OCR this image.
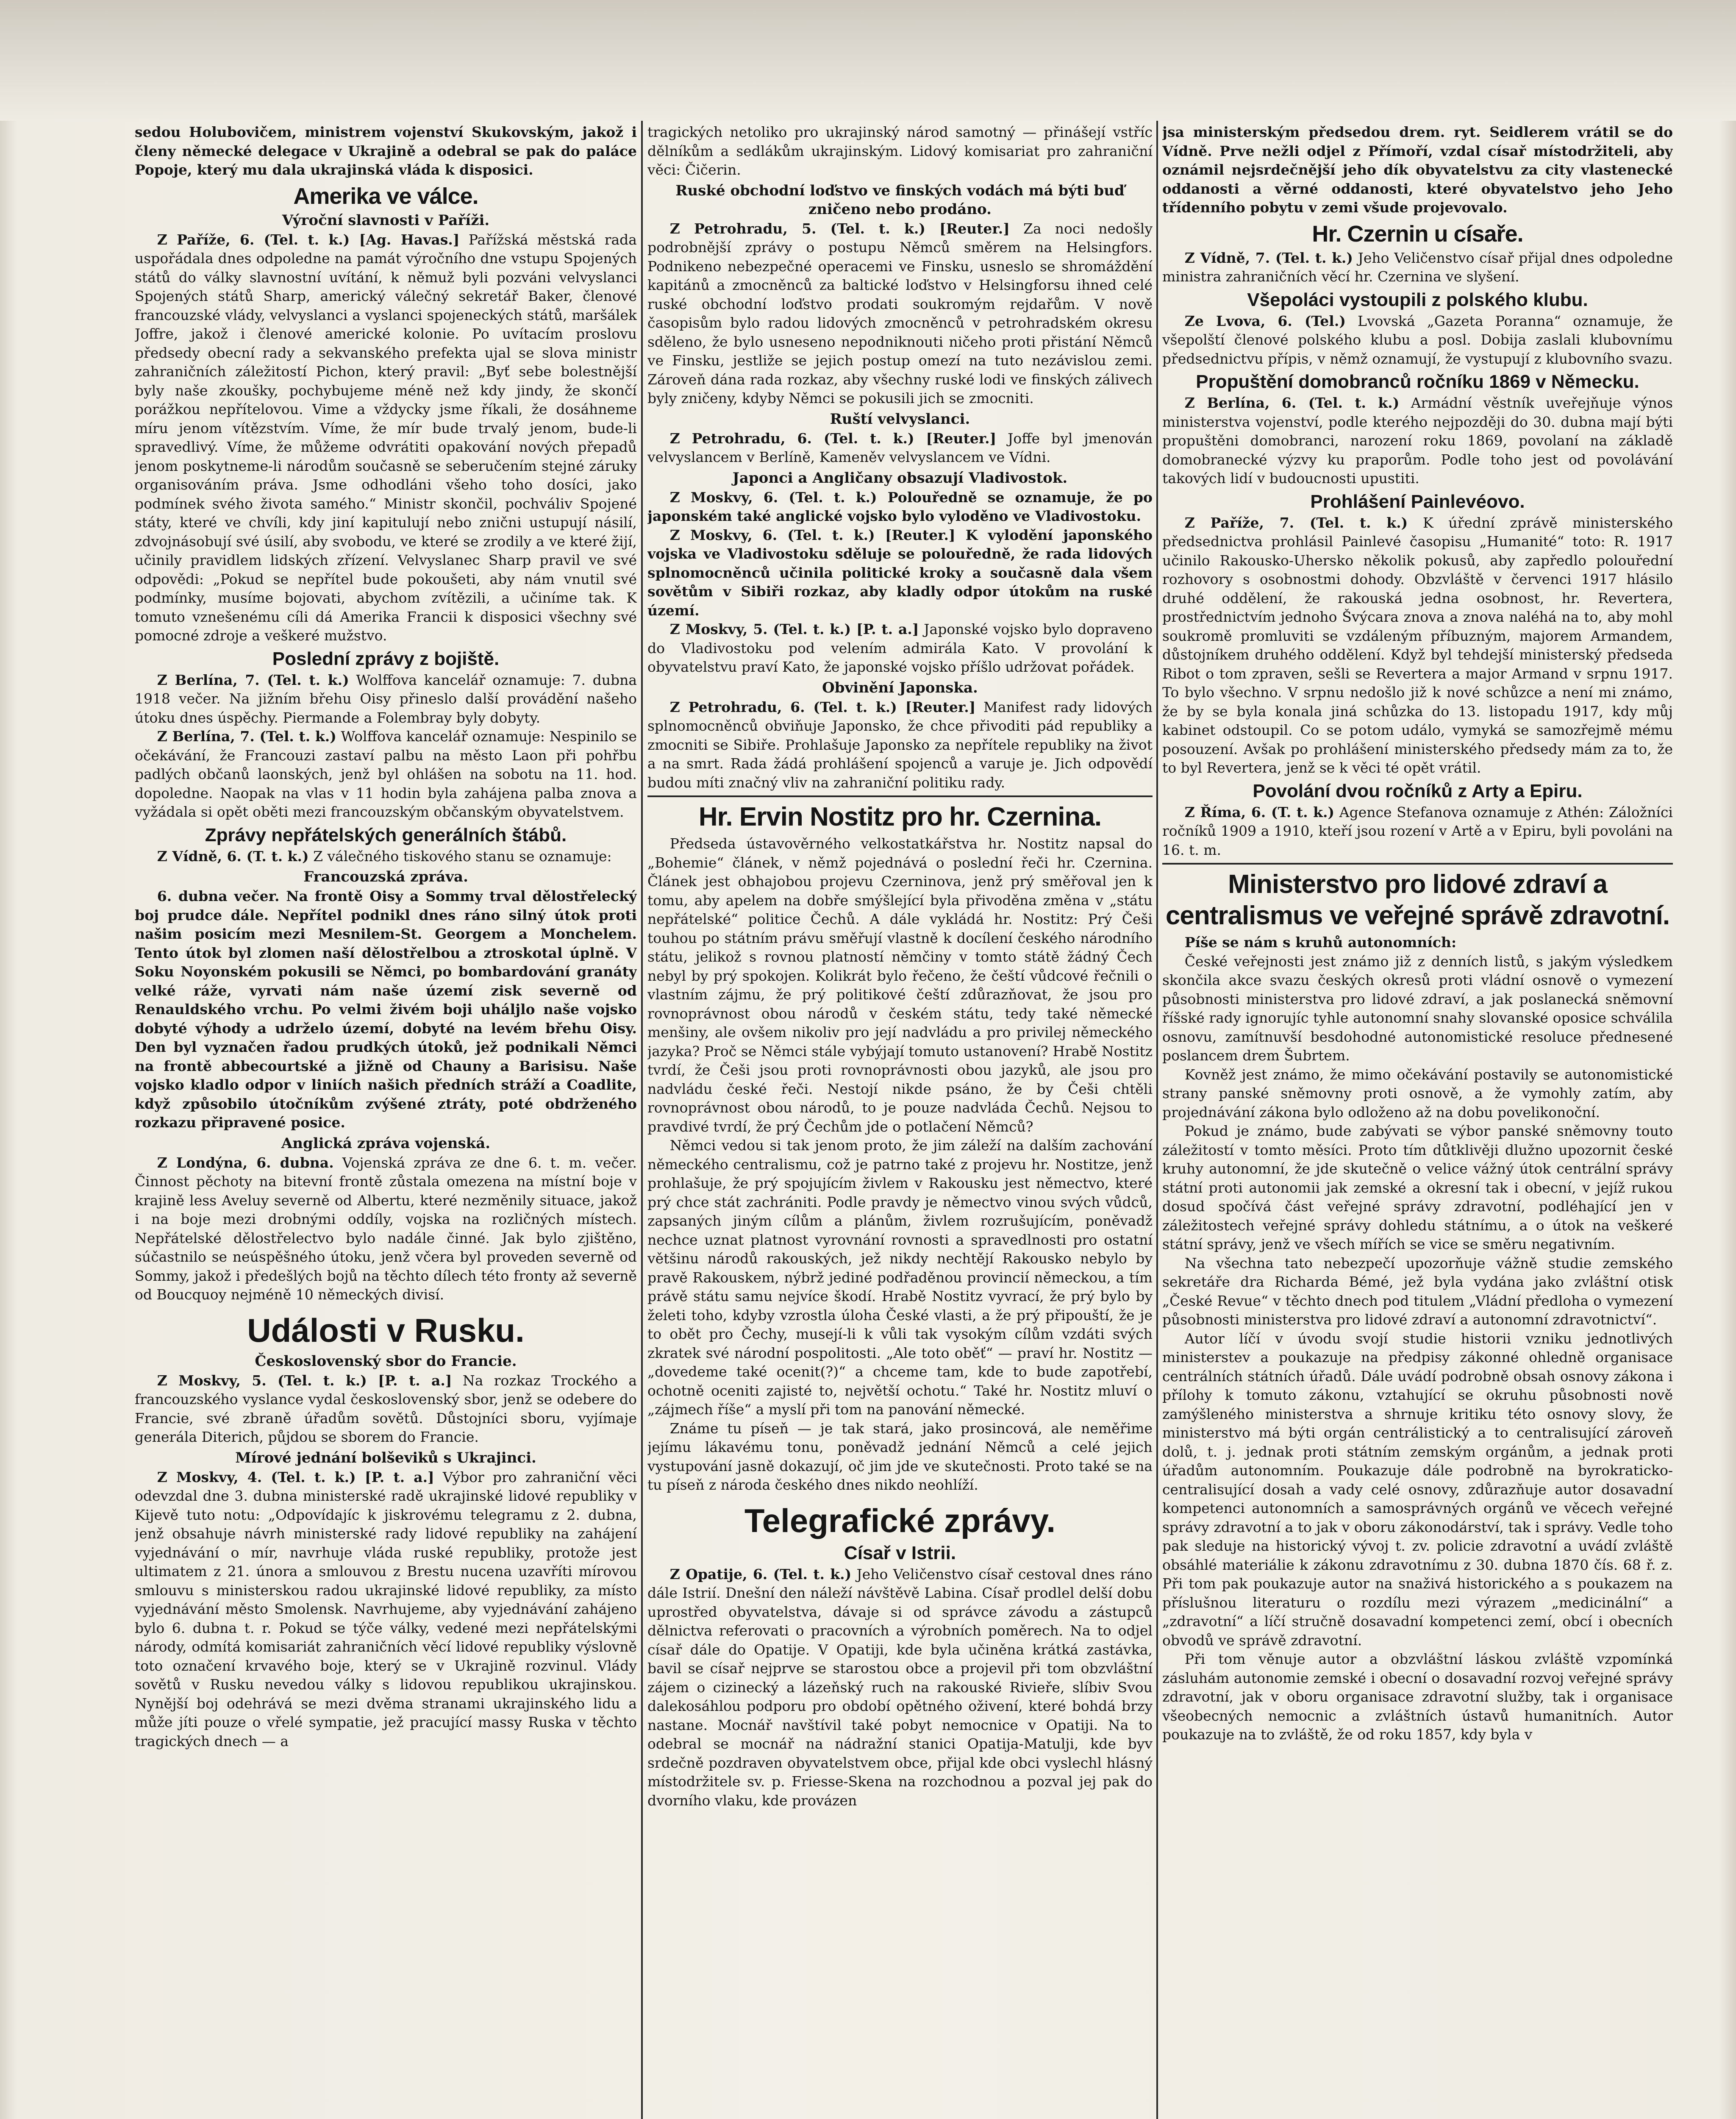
sedou Holubovičem, ministrem vojenství Skukovským, jakož i členy německé delegace v Ukrajině a odebral se pak do paláce Popoje, který mu dala ukrajinská vláda k disposici.

Amerika ve válce.
Výroční slavnosti v Paříži.

Z Paříže, 6. (Tel. t. k.) [Ag. Havas.] Pařížská městská rada uspořádala dnes odpoledne na památ výročního dne vstupu Spojených států do války slavnostní uvítání, k němuž byli pozváni velvyslanci Spojených států Sharp, americký válečný sekretář Baker, členové francouzské vlády, velvyslanci a vyslanci spojeneckých států, maršálek Joffre, jakož i členové americké kolonie. Po uvítacím proslovu předsedy obecní rady a sekvanského prefekta ujal se slova ministr zahraničních záležitostí Pichon, který pravil: „Byť sebe bolestnější byly naše zkoušky, pochybujeme méně než kdy jindy, že skončí porážkou nepřítelovou. Vime a vždycky jsme říkali, že dosáhneme míru jenom vítězstvím. Víme, že mír bude trvalý jenom, bude-li spravedlivý. Víme, že můžeme odvrátiti opakování nových přepadů jenom poskytneme-li národům současně se seberučením stejné záruky organisováním práva. Jsme odhodláni všeho toho dosíci, jako podmínek svého života samého.“ Ministr skončil, pochváliv Spojené státy, které ve chvíli, kdy jiní kapitulují nebo znični ustupují násilí, zdvojnásobují své úsilí, aby svobodu, ve které se zrodily a ve které žijí, učinily pravidlem lidských zřízení. Velvyslanec Sharp pravil ve své odpovědi: „Pokud se nepřítel bude pokoušeti, aby nám vnutil své podmínky, musíme bojovati, abychom zvítězili, a učiníme tak. K tomuto vznešenému cíli dá Amerika Francii k disposici všechny své pomocné zdroje a veškeré mužstvo.

Poslední zprávy z bojiště.

Z Berlína, 7. (Tel. t. k.) Wolffova kancelář oznamuje: 7. dubna 1918 večer. Na jižním břehu Oisy přineslo další provádění našeho útoku dnes úspěchy. Piermande a Folembray byly dobyty.

Z Berlína, 7. (Tel. t. k.) Wolffova kancelář oznamuje: Nespinilo se očekávání, že Francouzi zastaví palbu na město Laon při pohřbu padlých občanů laonských, jenž byl ohlášen na sobotu na 11. hod. dopoledne. Naopak na vlas v 11 hodin byla zahájena palba znova a vyžádala si opět oběti mezi francouzským občanským obyvatelstvem.

Zprávy nepřátelských generálních štábů.

Z Vídně, 6. (T. t. k.) Z válečného tiskového stanu se oznamuje:

Francouzská zpráva.

6. dubna večer. Na frontě Oisy a Sommy trval dělostřelecký boj prudce dále. Nepřítel podnikl dnes ráno silný útok proti našim posicím mezi Mesnilem-St. Georgem a Monchelem. Tento útok byl zlomen naší dělostřelbou a ztroskotal úplně. V Soku Noyonském pokusili se Němci, po bombardování granáty velké ráže, vyrvati nám naše území zisk severně od Renauldského vrchu. Po velmi živém boji uháljlo naše vojsko dobyté výhody a udrželo území, dobyté na levém břehu Oisy. Den byl vyznačen řadou prudkých útoků, jež podnikali Němci na frontě abbecourtské a jižně od Chauny a Barisisu. Naše vojsko kladlo odpor v liniích našich předních stráží a Coadlite, když způsobilo útočníkům zvýšené ztráty, poté obdrženého rozkazu připravené posice.

Anglická zpráva vojenská.

Z Londýna, 6. dubna. Vojenská zpráva ze dne 6. t. m. večer. Činnost pěchoty na bitevní frontě zůstala omezena na místní boje v krajině less Aveluy severně od Albertu, které nezměnily situace, jakož i na boje mezi drobnými oddíly, vojska na rozličných místech. Nepřátelské dělostřelectvo bylo nadále činné. Jak bylo zjištěno, súčastnilo se neúspěšného útoku, jenž včera byl proveden severně od Sommy, jakož i předešlých bojů na těchto dílech této fronty až severně od Boucquoy nejméně 10 německých divisí.

Události v Rusku.
Československý sbor do Francie.

Z Moskvy, 5. (Tel. t. k.) [P. t. a.] Na rozkaz Trockého a francouzského vyslance vydal československý sbor, jenž se odebere do Francie, své zbraně úřadům sovětů. Důstojníci sboru, vyjímaje generála Diterich, půjdou se sborem do Francie.

Mírové jednání bolševiků s Ukrajinci.

Z Moskvy, 4. (Tel. t. k.) [P. t. a.] Výbor pro zahraniční věci odevzdal dne 3. dubna ministerské radě ukrajinské lidové republiky v Kijevě tuto notu: „Odpovídajíc k jiskrovému telegramu z 2. dubna, jenž obsahuje návrh ministerské rady lidové republiky na zahájení vyjednávání o mír, navrhuje vláda ruské republiky, protože jest ultimatem z 21. února a smlouvou z Brestu nucena uzavříti mírovou smlouvu s ministerskou radou ukrajinské lidové republiky, za místo vyjednávání město Smolensk. Navrhujeme, aby vyjednávání zahájeno bylo 6. dubna t. r. Pokud se týče války, vedené mezi nepřátelskými národy, odmítá komisariát zahraničních věcí lidové republiky výslovně toto označení krvavého boje, který se v Ukrajině rozvinul. Vlády sovětů v Rusku nevedou války s lidovou republikou ukrajinskou. Nynější boj odehrává se mezi dvěma stranami ukrajinského lidu a může jíti pouze o vřelé sympatie, jež pracující massy Ruska v těchto tragických dnech — a

tragických netoliko pro ukrajinský národ samotný — přinášejí vstříc dělníkům a sedlákům ukrajinským. Lidový komisariat pro zahraniční věci: Čičerin.

Ruské obchodní loďstvo ve finských vodách má býti buď zničeno nebo prodáno.

Z Petrohradu, 5. (Tel. t. k.) [Reuter.] Za noci nedošly podrobnější zprávy o postupu Němců směrem na Helsingfors. Podnikeno nebezpečné operacemi ve Finsku, usneslo se shromáždění kapitánů a zmocněnců za baltické loďstvo v Helsingforsu ihned celé ruské obchodní loďstvo prodati soukromým rejdařům. V nově časopisům bylo radou lidových zmocněnců v petrohradském okresu sděleno, že bylo usneseno nepodniknouti ničeho proti přistání Němců ve Finsku, jestliže se jejich postup omezí na tuto nezávislou zemi. Zároveň dána rada rozkaz, aby všechny ruské lodi ve finských zálivech byly zničeny, kdyby Němci se pokusili jich se zmocniti.

Ruští velvyslanci.

Z Petrohradu, 6. (Tel. t. k.) [Reuter.] Joffe byl jmenován velvyslancem v Berlíně, Kameněv velvyslancem ve Vídni.

Japonci a Angličany obsazují Vladivostok.

Z Moskvy, 6. (Tel. t. k.) Polouředně se oznamuje, že po japonském také anglické vojsko bylo vyloděno ve Vladivostoku.

Z Moskvy, 6. (Tel. t. k.) [Reuter.] K vylodění japonského vojska ve Vladivostoku sděluje se polouředně, že rada lidových splnomocněnců učinila politické kroky a současně dala všem sovětům v Sibiři rozkaz, aby kladly odpor útokům na ruské území.

Z Moskvy, 5. (Tel. t. k.) [P. t. a.] Japonské vojsko bylo dopraveno do Vladivostoku pod velením admirála Kato. V provolání k obyvatelstvu praví Kato, že japonské vojsko příšlo udržovat pořádek.

Obvinění Japonska.

Z Petrohradu, 6. (Tel. t. k.) [Reuter.] Manifest rady lidových splnomocněnců obviňuje Japonsko, že chce přivoditi pád republiky a zmocniti se Sibiře. Prohlašuje Japonsko za nepřítele republiky na život a na smrt. Rada žádá prohlášení spojenců a varuje je. Jich odpovědí budou míti značný vliv na zahraniční politiku rady.

Hr. Ervin Nostitz pro hr. Czernina.

Předseda ústavověrného velkostatkářstva hr. Nostitz napsal do „Bohemie“ článek, v němž pojednává o poslední řeči hr. Czernina. Článek jest obhajobou projevu Czerninova, jenž prý směřoval jen k tomu, aby apelem na dobře smýšlející byla přivoděna změna v „státu nepřátelské“ politice Čechů. A dále vykládá hr. Nostitz: Prý Češi touhou po státním právu směřují vlastně k docílení českého národního státu, jelikož s rovnou platností němčiny v tomto státě žádný Čech nebyl by prý spokojen. Kolikrát bylo řečeno, že čeští vůdcové řečnili o vlastním zájmu, že prý politikové čeští zdůrazňovat, že jsou pro rovnoprávnost obou národů v českém státu, tedy také německé menšiny, ale ovšem nikoliv pro její nadvládu a pro privilej německého jazyka? Proč se Němci stále vybýjají tomuto ustanovení? Hrabě Nostitz tvrdí, že Češi jsou proti rovnoprávnosti obou jazyků, ale jsou pro nadvládu české řeči. Nestojí nikde psáno, že by Češi chtěli rovnoprávnost obou národů, to je pouze nadvláda Čechů. Nejsou to pravdivé tvrdí, že prý Čechům jde o potlačení Němců?

Němci vedou si tak jenom proto, že jim záleží na dalším zachování německého centralismu, což je patrno také z projevu hr. Nostitze, jenž prohlašuje, že prý spojujícím živlem v Rakousku jest němectvo, které prý chce stát zachrániti. Podle pravdy je němectvo vinou svých vůdců, zapsaných jiným cílům a plánům, živlem rozrušujícím, poněvadž nechce uznat platnost vyrovnání rovnosti a spravedlnosti pro ostatní většinu národů rakouských, jež nikdy nechtějí Rakousko nebylo by pravě Rakouskem, nýbrž jediné podřaděnou provincií německou, a tím právě státu samu nejvíce škodí. Hrabě Nostitz vyvrací, že prý bylo by želeti toho, kdyby vzrostla úloha České vlasti, a že prý připouští, že je to obět pro Čechy, musejí-li k vůli tak vysokým cílům vzdáti svých zkratek své národní pospolitosti. „Ale toto oběť“ — praví hr. Nostitz — „dovedeme také ocenit(?)“ a chceme tam, kde to bude zapotřebí, ochotně oceniti zajisté to, největší ochotu.“ Také hr. Nostitz mluví o „zájmech říše“ a myslí při tom na panování německé.

Známe tu píseň — je tak stará, jako prosincová, ale neměřime jejímu lákavému tonu, poněvadž jednání Němců a celé jejich vystupování jasně dokazují, oč jim jde ve skutečnosti. Proto také se na tu píseň z národa českého dnes nikdo neohlíží.

Telegrafické zprávy.
Císař v Istrii.

Z Opatije, 6. (Tel. t. k.) Jeho Veličenstvo císař cestoval dnes ráno dále Istrií. Dnešní den náleží návštěvě Labina. Císař prodlel delší dobu uprostřed obyvatelstva, dávaje si od správce závodu a zástupců dělnictva referovati o pracovních a výrobních poměrech. Na to odjel císař dále do Opatije. V Opatiji, kde byla učiněna krátká zastávka, bavil se císař nejprve se starostou obce a projevil při tom obzvláštní zájem o cizinecký a lázeňský ruch na rakouské Rivieře, slíbiv Svou dalekosáhlou podporu pro období opětného oživení, které bohdá brzy nastane. Mocnář navštívil také pobyt nemocnice v Opatiji. Na to odebral se mocnář na nádražní stanici Opatija-Matulji, kde byv srdečně pozdraven obyvatelstvem obce, přijal kde obci vyslechl hlásný místodržitele sv. p. Friesse-Skena na rozchodnou a pozval jej pak do dvorního vlaku, kde provázen

jsa ministerským předsedou drem. ryt. Seidlerem vrátil se do Vídně. Prve nežli odjel z Přímoří, vzdal císař místodržiteli, aby oznámil nejsrdečnější jeho dík obyvatelstvu za city vlastenecké oddanosti a věrné oddanosti, které obyvatelstvo jeho Jeho třídenního pobytu v zemi všude projevovalo.

Hr. Czernin u císaře.

Z Vídně, 7. (Tel. t. k.) Jeho Veličenstvo císař přijal dnes odpoledne ministra zahraničních věcí hr. Czernina ve slyšení.

Všepoláci vystoupili z polského klubu.

Ze Lvova, 6. (Tel.) Lvovská „Gazeta Poranna“ oznamuje, že všepolští členové polského klubu a posl. Dobija zaslali klubovnímu předsednictvu přípis, v němž oznamují, že vystupují z klubovního svazu.

Propuštění domobranců ročníku 1869 v Německu.

Z Berlína, 6. (Tel. t. k.) Armádní věstník uveřejňuje výnos ministerstva vojenství, podle kterého nejpozději do 30. dubna mají býti propuštěni domobranci, narození roku 1869, povolaní na základě domobranecké výzvy ku praporům. Podle toho jest od povolávání takových lidí v budoucnosti upustiti.

Prohlášení Painlevéovo.

Z Paříže, 7. (Tel. t. k.) K úřední zprávě ministerského předsednictva prohlásil Painlevé časopisu „Humanité“ toto: R. 1917 učinilo Rakousko-Uhersko několik pokusů, aby zapředlo polouřední rozhovory s osobnostmi dohody. Obzvláště v červenci 1917 hlásilo druhé oddělení, že rakouská jedna osobnost, hr. Revertera, prostřednictvím jednoho Švýcara znova a znova naléhá na to, aby mohl soukromě promluviti se vzdáleným příbuzným, majorem Armandem, důstojníkem druhého oddělení. Když byl tehdejší ministerský předseda Ribot o tom zpraven, sešli se Revertera a major Armand v srpnu 1917. To bylo všechno. V srpnu nedošlo již k nové schůzce a není mi známo, že by se byla konala jiná schůzka do 13. listopadu 1917, kdy můj kabinet odstoupil. Co se potom událo, vymyká se samozřejmě mému posouzení. Avšak po prohlášení ministerského předsedy mám za to, že to byl Revertera, jenž se k věci té opět vrátil.

Povolání dvou ročníků z Arty a Epiru.

Z Říma, 6. (T. t. k.) Agence Stefanova oznamuje z Athén: Záložníci ročníků 1909 a 1910, kteří jsou rození v Artě a v Epiru, byli povoláni na 16. t. m.

Ministerstvo pro lidové zdraví a centralismus ve veřejné správě zdravotní.

Píše se nám s kruhů autonomních:

České veřejnosti jest známo již z denních listů, s jakým výsledkem skončila akce svazu českých okresů proti vládní osnově o vymezení působnosti ministerstva pro lidové zdraví, a jak poslanecká sněmovní říšské rady ignorujíc tyhle autonomní snahy slovanské oposice schválila osnovu, zamítnuvší besdohodné autonomistické resoluce přednesené poslancem drem Šubrtem.

Kovněž jest známo, že mimo očekávání postavily se autonomistické strany panské sněmovny proti osnově, a že vymohly zatím, aby projednávání zákona bylo odloženo až na dobu povelikonoční.

Pokud je známo, bude zabývati se výbor panské sněmovny touto záležitostí v tomto měsíci. Proto tím důtklivěji dlužno upozornit české kruhy autonomní, že jde skutečně o velice vážný útok centrální správy státní proti autonomii jak zemské a okresní tak i obecní, v jejíž rukou dosud spočívá část veřejné správy zdravotní, podléhající jen v záležitostech veřejné správy dohledu státnímu, a o útok na veškeré státní správy, jenž ve všech mířích se vice se směru negativním.

Na všechna tato nebezpečí upozorňuje vážně studie zemského sekretáře dra Richarda Bémé, jež byla vydána jako zvláštní otisk „České Revue“ v těchto dnech pod titulem „Vládní předloha o vymezení působnosti ministerstva pro lidové zdraví a autonomní zdravotnictví“.

Autor líčí v úvodu svojí studie historii vzniku jednotlivých ministerstev a poukazuje na předpisy zákonné ohledně organisace centrálních státních úřadů. Dále uvádí podrobně obsah osnovy zákona i přílohy k tomuto zákonu, vztahující se okruhu působnosti nově zamýšleného ministerstva a shrnuje kritiku této osnovy slovy, že ministerstvo má býti orgán centrálistický a to centralisující zároveň dolů, t. j. jednak proti státním zemským orgánům, a jednak proti úřadům autonomním. Poukazuje dále podrobně na byrokraticko-centralisující dosah a vady celé osnovy, zdůrazňuje autor dosavadní kompetenci autonomních a samosprávných orgánů ve věcech veřejné správy zdravotní a to jak v oboru zákonodárství, tak i správy. Vedle toho pak sleduje na historický vývoj t. zv. policie zdravotní a uvádí zvláště obsáhlé materiálie k zákonu zdravotnímu z 30. dubna 1870 čís. 68 ř. z. Při tom pak poukazuje autor na snaživá historického a s poukazem na příslušnou literaturu o rozdílu mezi výrazem „medicinální“ a „zdravotní“ a líčí stručně dosavadní kompetenci zemí, obcí i obecních obvodů ve správě zdravotní.

Při tom věnuje autor a obzvláštní láskou zvláště vzpomínká zásluhám autonomie zemské i obecní o dosavadní rozvoj veřejné správy zdravotní, jak v oboru organisace zdravotní služby, tak i organisace všeobecných nemocnic a zvláštních ústavů humanitních. Autor poukazuje na to zvláště, že od roku 1857, kdy byla v
